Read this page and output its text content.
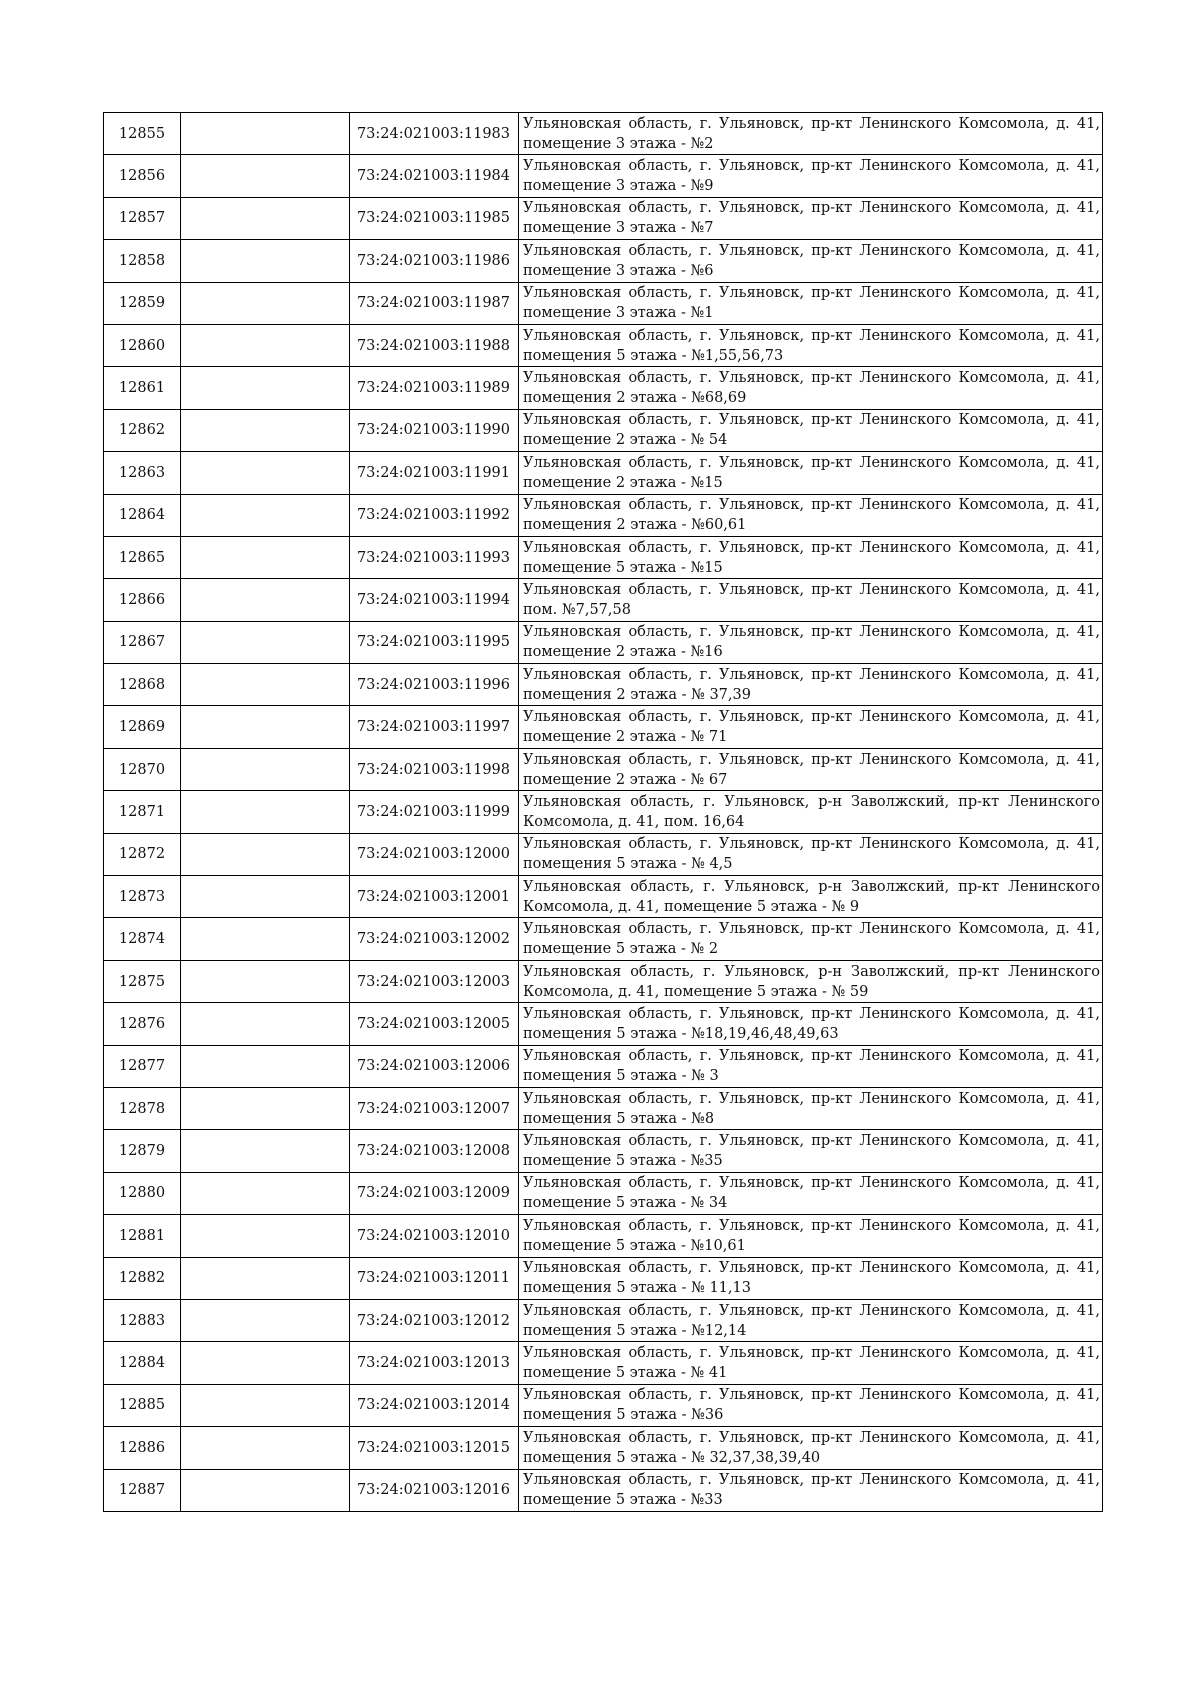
12855		73:24:021003:11983	Ульяновская область, г. Ульяновск, пр-кт Ленинского Комсомола, д. 41, помещение 3 этажа - №2
12856		73:24:021003:11984	Ульяновская область, г. Ульяновск, пр-кт Ленинского Комсомола, д. 41, помещение 3 этажа - №9
12857		73:24:021003:11985	Ульяновская область, г. Ульяновск, пр-кт Ленинского Комсомола, д. 41, помещение 3 этажа - №7
12858		73:24:021003:11986	Ульяновская область, г. Ульяновск, пр-кт Ленинского Комсомола, д. 41, помещение 3 этажа - №6
12859		73:24:021003:11987	Ульяновская область, г. Ульяновск, пр-кт Ленинского Комсомола, д. 41, помещение 3 этажа - №1
12860		73:24:021003:11988	Ульяновская область, г. Ульяновск, пр-кт Ленинского Комсомола, д. 41, помещения 5 этажа - №1,55,56,73
12861		73:24:021003:11989	Ульяновская область, г. Ульяновск, пр-кт Ленинского Комсомола, д. 41, помещения 2 этажа - №68,69
12862		73:24:021003:11990	Ульяновская область, г. Ульяновск, пр-кт Ленинского Комсомола, д. 41, помещение 2 этажа - № 54
12863		73:24:021003:11991	Ульяновская область, г. Ульяновск, пр-кт Ленинского Комсомола, д. 41, помещение 2 этажа - №15
12864		73:24:021003:11992	Ульяновская область, г. Ульяновск, пр-кт Ленинского Комсомола, д. 41, помещения 2 этажа - №60,61
12865		73:24:021003:11993	Ульяновская область, г. Ульяновск, пр-кт Ленинского Комсомола, д. 41, помещение 5 этажа - №15
12866		73:24:021003:11994	Ульяновская область, г. Ульяновск, пр-кт Ленинского Комсомола, д. 41, пом. №7,57,58
12867		73:24:021003:11995	Ульяновская область, г. Ульяновск, пр-кт Ленинского Комсомола, д. 41, помещение 2 этажа - №16
12868		73:24:021003:11996	Ульяновская область, г. Ульяновск, пр-кт Ленинского Комсомола, д. 41, помещения 2 этажа - № 37,39
12869		73:24:021003:11997	Ульяновская область, г. Ульяновск, пр-кт Ленинского Комсомола, д. 41, помещение 2 этажа - № 71
12870		73:24:021003:11998	Ульяновская область, г. Ульяновск, пр-кт Ленинского Комсомола, д. 41, помещение 2 этажа - № 67
12871		73:24:021003:11999	Ульяновская область, г. Ульяновск, р-н Заволжский, пр-кт Ленинского Комсомола, д. 41, пом. 16,64
12872		73:24:021003:12000	Ульяновская область, г. Ульяновск, пр-кт Ленинского Комсомола, д. 41, помещения 5 этажа - № 4,5
12873		73:24:021003:12001	Ульяновская область, г. Ульяновск, р-н Заволжский, пр-кт Ленинского Комсомола, д. 41, помещение 5 этажа - № 9
12874		73:24:021003:12002	Ульяновская область, г. Ульяновск, пр-кт Ленинского Комсомола, д. 41, помещение 5 этажа - № 2
12875		73:24:021003:12003	Ульяновская область, г. Ульяновск, р-н Заволжский, пр-кт Ленинского Комсомола, д. 41, помещение 5 этажа - № 59
12876		73:24:021003:12005	Ульяновская область, г. Ульяновск, пр-кт Ленинского Комсомола, д. 41, помещения 5 этажа - №18,19,46,48,49,63
12877		73:24:021003:12006	Ульяновская область, г. Ульяновск, пр-кт Ленинского Комсомола, д. 41, помещения 5 этажа - № 3
12878		73:24:021003:12007	Ульяновская область, г. Ульяновск, пр-кт Ленинского Комсомола, д. 41, помещения 5 этажа - №8
12879		73:24:021003:12008	Ульяновская область, г. Ульяновск, пр-кт Ленинского Комсомола, д. 41, помещение 5 этажа - №35
12880		73:24:021003:12009	Ульяновская область, г. Ульяновск, пр-кт Ленинского Комсомола, д. 41, помещение 5 этажа - № 34
12881		73:24:021003:12010	Ульяновская область, г. Ульяновск, пр-кт Ленинского Комсомола, д. 41, помещение 5 этажа - №10,61
12882		73:24:021003:12011	Ульяновская область, г. Ульяновск, пр-кт Ленинского Комсомола, д. 41, помещения 5 этажа - № 11,13
12883		73:24:021003:12012	Ульяновская область, г. Ульяновск, пр-кт Ленинского Комсомола, д. 41, помещения 5 этажа - №12,14
12884		73:24:021003:12013	Ульяновская область, г. Ульяновск, пр-кт Ленинского Комсомола, д. 41, помещение 5 этажа - № 41
12885		73:24:021003:12014	Ульяновская область, г. Ульяновск, пр-кт Ленинского Комсомола, д. 41, помещения 5 этажа - №36
12886		73:24:021003:12015	Ульяновская область, г. Ульяновск, пр-кт Ленинского Комсомола, д. 41, помещения 5 этажа - № 32,37,38,39,40
12887		73:24:021003:12016	Ульяновская область, г. Ульяновск, пр-кт Ленинского Комсомола, д. 41, помещение 5 этажа - №33
